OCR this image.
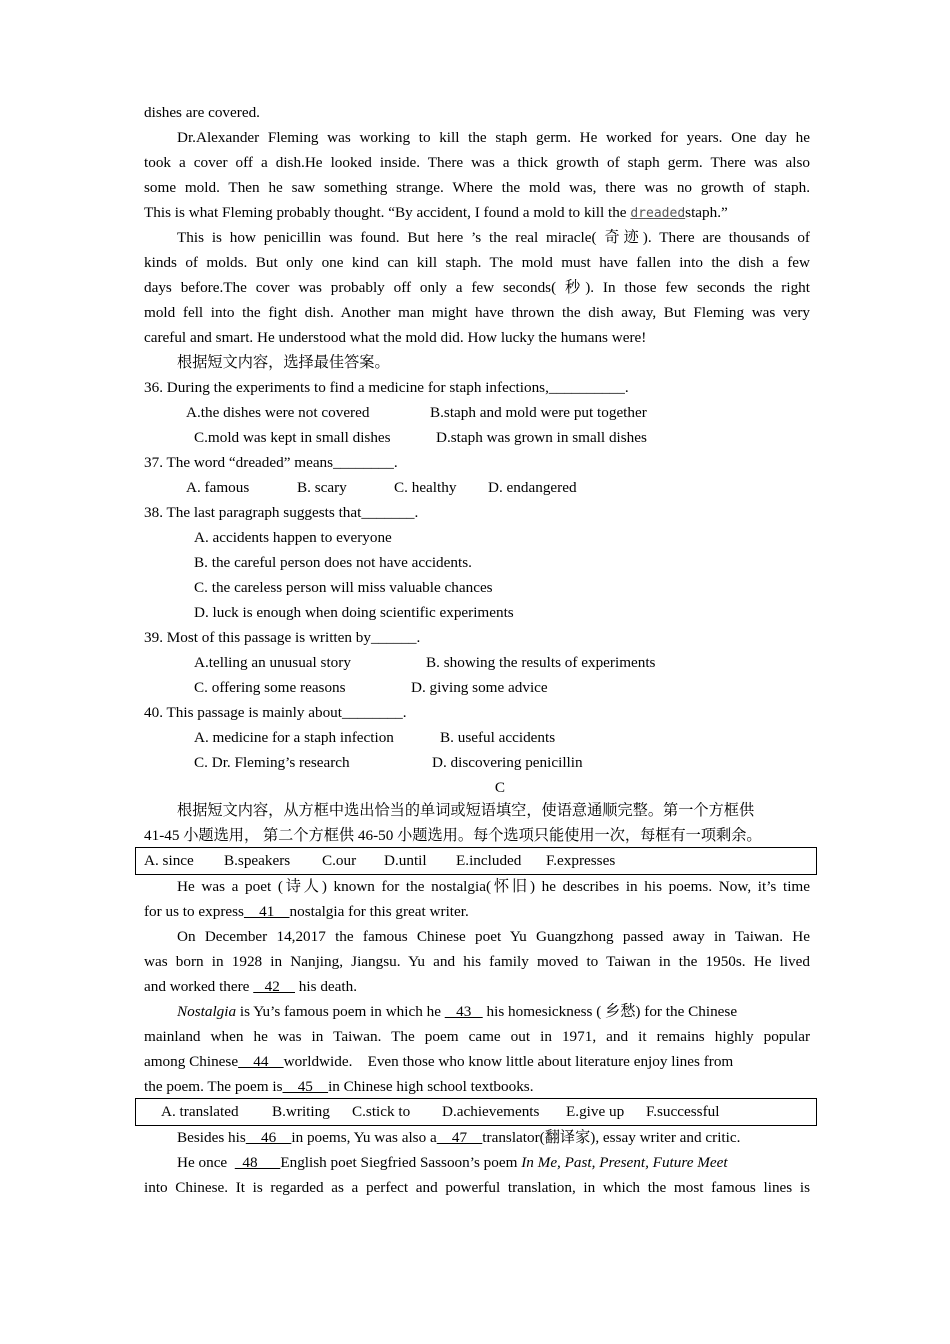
dishes are covered.
Dr.Alexander Fleming was working to kill the staph germ. He worked for years. One day he
took a cover off a dish.He looked inside. There was a thick growth of staph germ. There was also
some mold. Then he saw something strange. Where the mold was, there was no growth of staph.
This is what Fleming probably thought. “By accident, I found a mold to kill the dreadedstaph.”
This is how penicillin was found. But here ’s the real miracle( 奇迹). There are thousands of
kinds of molds. But only one kind can kill staph. The mold must have fallen into the dish a few
days before.The cover was probably off only a few seconds( 秒). In those few seconds the right
mold fell into the fight dish. Another man might have thrown the dish away, But Fleming was very
careful and smart. He understood what the mold did. How lucky the humans were!
根据短文内容，选择最佳答案。
36. During the experiments to find a medicine for staph infections,__________.
A.the dishes were not covered	B.staph and mold were put together
C.mold was kept in small dishes	D.staph was grown in small dishes
37. The word “dreaded” means________.
A. famous	B. scary	C. healthy D. endangered
38. The last paragraph suggests that_______.
A. accidents happen to everyone
B. the careful person does not have accidents.
C. the careless person will miss valuable chances
D. luck is enough when doing scientific experiments
39. Most of this passage is written by______.
A.telling an unusual story	B. showing the results of experiments
C. offering some reasons	D. giving some advice
40. This passage is mainly about________.
A. medicine for a staph infection	B. useful accidents
C. Dr. Fleming’s research	D. discovering penicillin
C
根据短文内容，从方框中选出恰当的单词或短语填空，使语意通顺完整。第一个方框供
41-45 小题选用， 第二个方框供 46-50 小题选用。每个选项只能使用一次，每框有一项剩余。
A. since B.speakers C.our D.until E.included F.expresses
He was a poet (诗人) known for the nostalgia(怀旧) he describes in his poems. Now, it’s time
for us to express    41    nostalgia for this great writer.
On December 14,2017 the famous Chinese poet Yu Guangzhong passed away in Taiwan. He
was born in 1928 in Nanjing, Jiangsu. Yu and his family moved to Taiwan in the 1950s. He lived
and worked there    42     his death.
Nostalgia is Yu’s famous poem in which he    43    his homesickness ( 乡愁) for the Chinese
mainland when he was in Taiwan. The poem came out in 1971, and it remains highly popular
among Chinese    44    worldwide.    Even those who know little about literature enjoy lines from
the poem. The poem is    45    in Chinese high school textbooks.
A. translated B.writing C.stick to D.achievements E.give up F.successful
Besides his    46    in poems, Yu was also a    47    translator(翻译家), essay writer and critic.
He once    48      English poet Siegfried Sassoon’s poem In Me, Past, Present, Future Meet
into Chinese. It is regarded as a perfect and powerful translation, in which the most famous lines is
